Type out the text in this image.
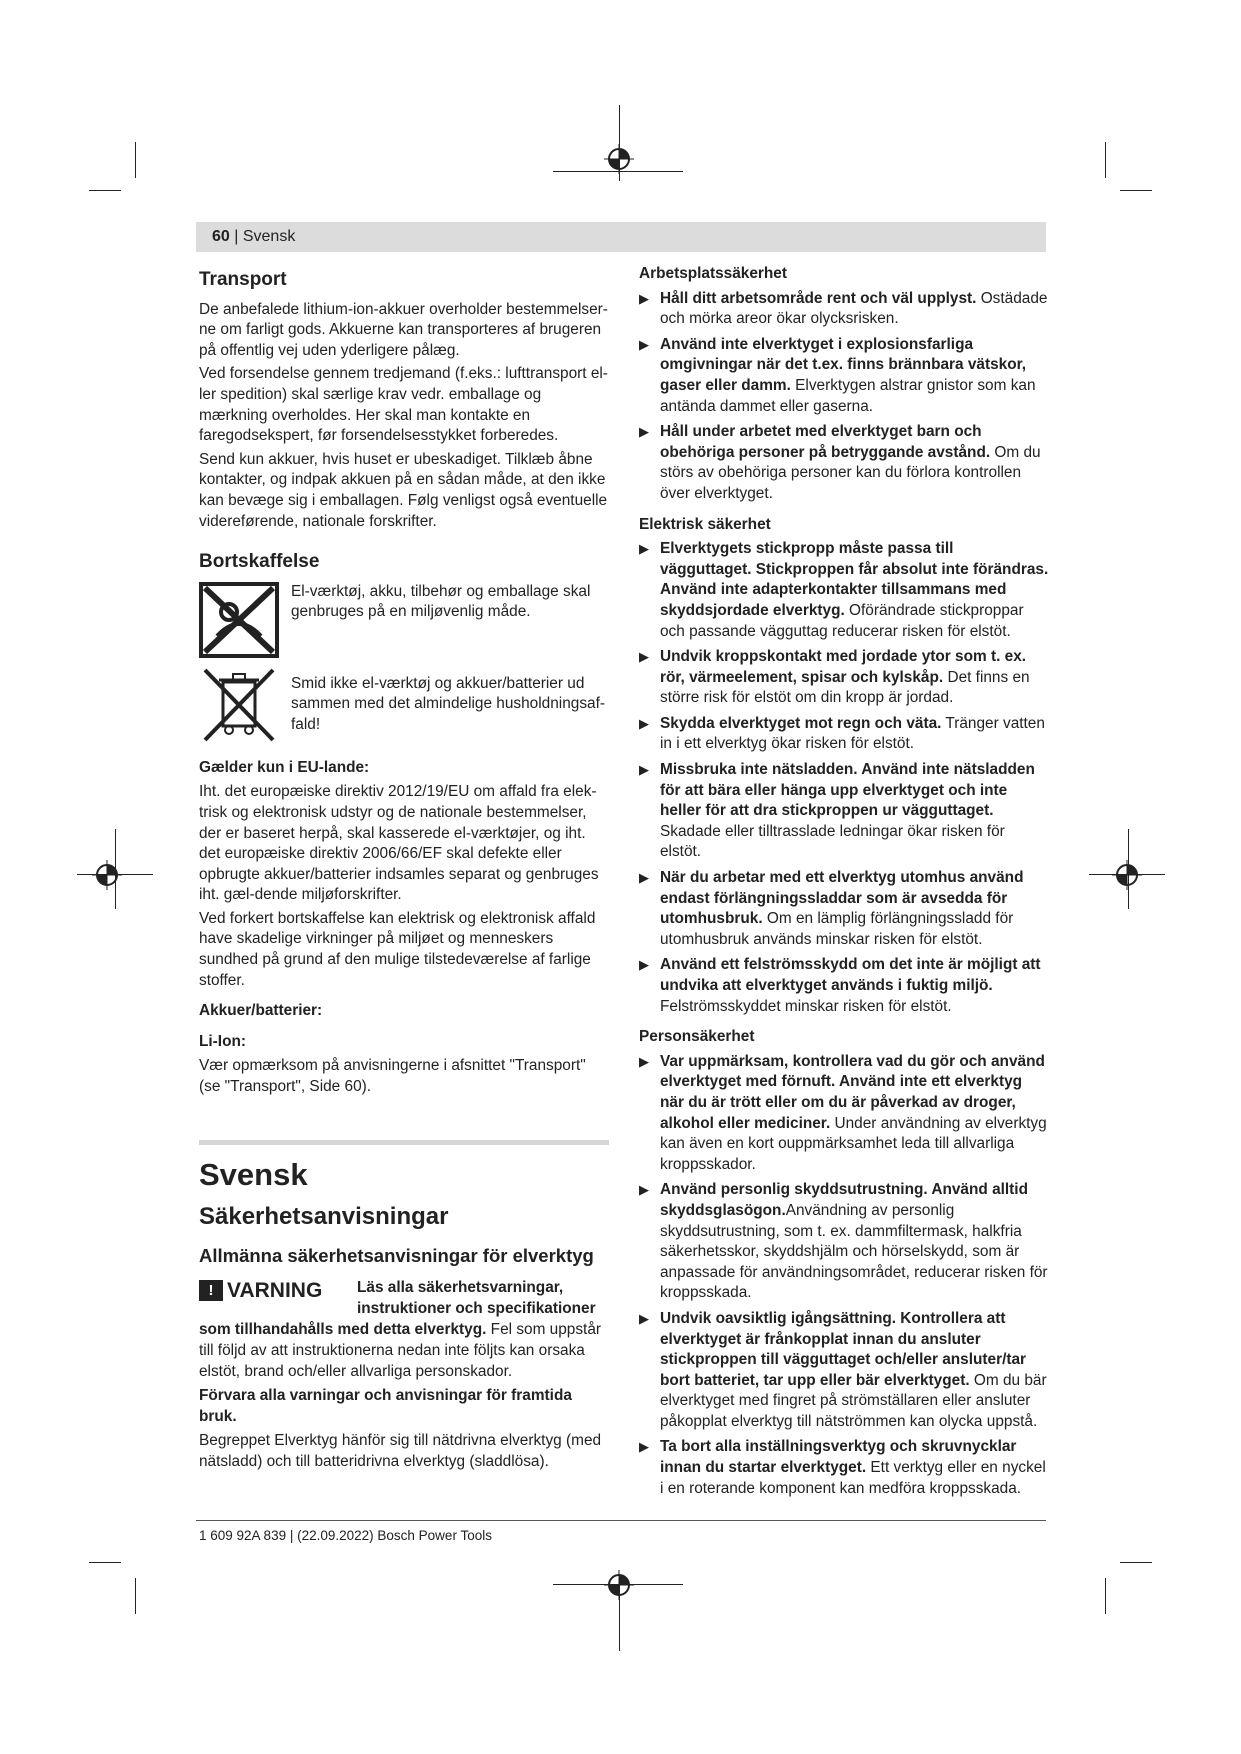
60 | Svensk
Transport

De anbefalede lithium-ion-akkuer overholder bestemmelser-ne om farligt gods. Akkuerne kan transporteres af brugeren på offentlig vej uden yderligere pålæg.

Ved forsendelse gennem tredjemand (f.eks.: lufttransport el-ler spedition) skal særlige krav vedr. emballage og mærkning overholdes. Her skal man kontakte en faregodsekspert, før forsendelsesstykket forberedes.

Send kun akkuer, hvis huset er ubeskadiget. Tilklæb åbne kontakter, og indpak akkuen på en sådan måde, at den ikke kan bevæge sig i emballagen. Følg venligst også eventuelle videreførende, nationale forskrifter.

Bortskaffelse

El-værktøj, akku, tilbehør og emballage skal genbruges på en miljøvenlig måde.

Smid ikke el-værktøj og akkuer/batterier ud sammen med det almindelige husholdningsaf-fald!

Gælder kun i EU-lande:

Iht. det europæiske direktiv 2012/19/EU om affald fra elek-trisk og elektronisk udstyr og de nationale bestemmelser, der er baseret herpå, skal kasserede el-værktøjer, og iht. det europæiske direktiv 2006/66/EF skal defekte eller opbrugte akkuer/batterier indsamles separat og genbruges iht. gæl-dende miljøforskrifter.

Ved forkert bortskaffelse kan elektrisk og elektronisk affald have skadelige virkninger på miljøet og menneskers sundhed på grund af den mulige tilstedeværelse af farlige stoffer.

Akkuer/batterier:
Li-Ion:

Vær opmærksom på anvisningerne i afsnittet "Transport" (se "Transport", Side 60).

Svensk
Säkerhetsanvisningar
Allmänna säkerhetsanvisningar för elverktyg
! VARNING Läs alla säkerhetsvarningar, instruktioner och specifikationer

som tillhandahålls med detta elverktyg. Fel som uppstår till följd av att instruktionerna nedan inte följts kan orsaka elstöt, brand och/eller allvarliga personskador.

Förvara alla varningar och anvisningar för framtida bruk.

Begreppet Elverktyg hänför sig till nätdrivna elverktyg (med nätsladd) och till batteridrivna elverktyg (sladdlösa).

Arbetsplatssäkerhet
▶ Håll ditt arbetsområde rent och väl upplyst. Ostädade och mörka areor ökar olycksrisken.
▶ Använd inte elverktyget i explosionsfarliga omgivningar när det t.ex. finns brännbara vätskor, gaser eller damm. Elverktygen alstrar gnistor som kan antända dammet eller gaserna.
▶ Håll under arbetet med elverktyget barn och obehöriga personer på betryggande avstånd. Om du störs av obehöriga personer kan du förlora kontrollen över elverktyget.
Elektrisk säkerhet
▶ Elverktygets stickpropp måste passa till vägguttaget. Stickproppen får absolut inte förändras. Använd inte adapterkontakter tillsammans med skyddsjordade elverktyg. Oförändrade stickproppar och passande vägguttag reducerar risken för elstöt.
▶ Undvik kroppskontakt med jordade ytor som t. ex. rör, värmeelement, spisar och kylskåp. Det finns en större risk för elstöt om din kropp är jordad.
▶ Skydda elverktyget mot regn och väta. Tränger vatten in i ett elverktyg ökar risken för elstöt.
▶ Missbruka inte nätsladden. Använd inte nätsladden för att bära eller hänga upp elverktyget och inte heller för att dra stickproppen ur vägguttaget. Skadade eller tilltrasslade ledningar ökar risken för elstöt.
▶ När du arbetar med ett elverktyg utomhus använd endast förlängningssladdar som är avsedda för utomhusbruk. Om en lämplig förlängningssladd för utomhusbruk används minskar risken för elstöt.
▶ Använd ett felströmsskydd om det inte är möjligt att undvika att elverktyget används i fuktig miljö. Felströmsskyddet minskar risken för elstöt.
Personsäkerhet
▶ Var uppmärksam, kontrollera vad du gör och använd elverktyget med förnuft. Använd inte ett elverktyg när du är trött eller om du är påverkad av droger, alkohol eller mediciner. Under användning av elverktyg kan även en kort ouppmärksamhet leda till allvarliga kroppsskador.
▶ Använd personlig skyddsutrustning. Använd alltid skyddsglasögon.Användning av personlig skyddsutrustning, som t. ex. dammfiltermask, halkfria säkerhetsskor, skyddshjälm och hörselskydd, som är anpassade för användningsområdet, reducerar risken för kroppsskada.
▶ Undvik oavsiktlig igångsättning. Kontrollera att elverktyget är frånkopplat innan du ansluter stickproppen till vägguttaget och/eller ansluter/tar bort batteriet, tar upp eller bär elverktyget. Om du bär elverktyget med fingret på strömställaren eller ansluter påkopplat elverktyg till nätströmmen kan olycka uppstå.
▶ Ta bort alla inställningsverktyg och skruvnycklar innan du startar elverktyget. Ett verktyg eller en nyckel i en roterande komponent kan medföra kroppsskada.
1 609 92A 839 | (22.09.2022) Bosch Power Tools
